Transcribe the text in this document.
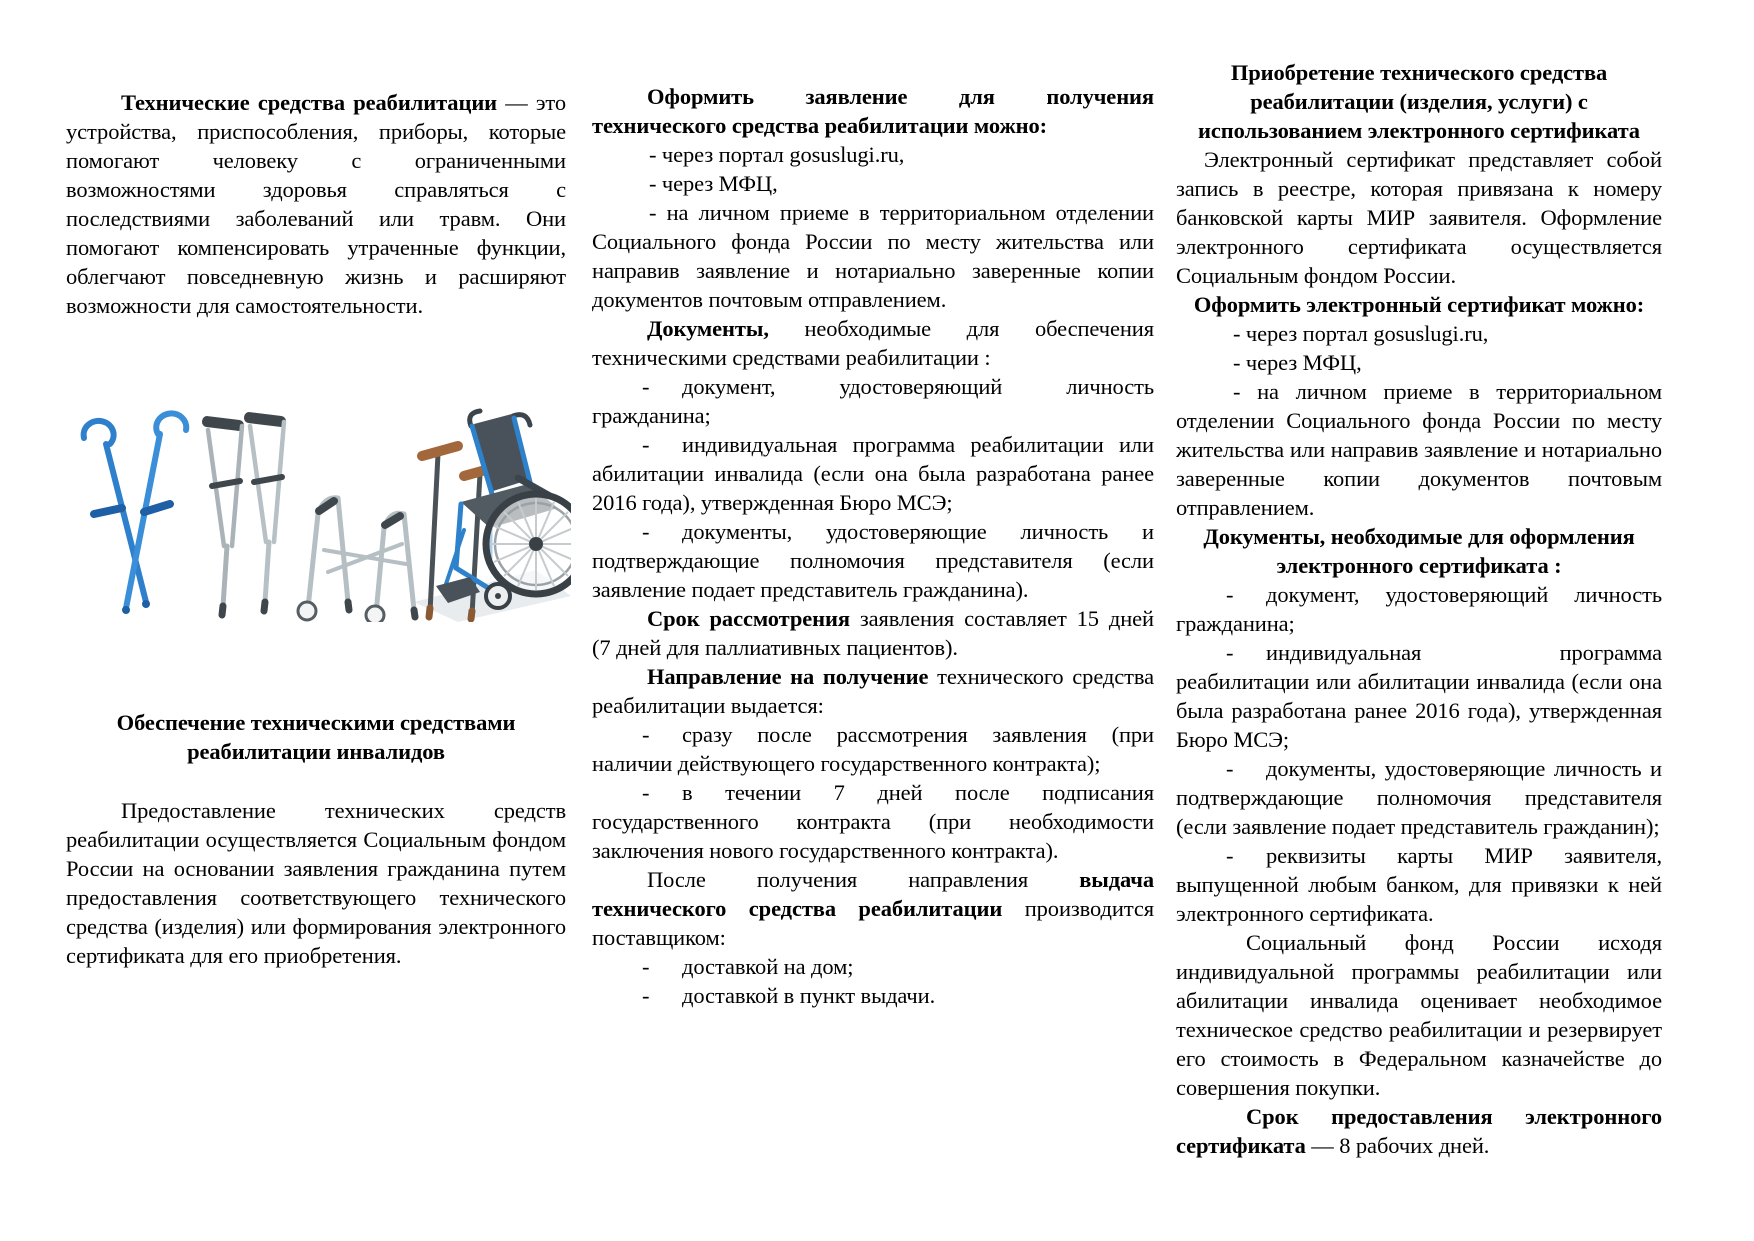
Технические средства реабилитации — это устройства, приспособления, приборы, которые помогают человеку с ограниченными возможностями здоровья справляться с последствиями заболеваний или травм. Они помогают компенсировать утраченные функции, облегчают повседневную жизнь и расширяют возможности для самостоятельности.

Обеспечение техническими средствами реабилитации инвалидов

Предоставление технических средств реабилитации осуществляется Социальным фондом России на основании заявления гражданина путем предоставления соответствующего технического средства (изделия) или формирования электронного сертификата для его приобретения.

Оформить заявление для получения технического средства реабилитации можно:

- через портал gosuslugi.ru,

- через МФЦ,

- на личном приеме в территориальном отделении Социального фонда России по месту жительства или направив заявление и нотариально заверенные копии документов почтовым отправлением.

Документы, необходимые для обеспечения техническими средствами реабилитации :

- документ, удостоверяющий личность гражданина;

- индивидуальная программа реабилитации или абилитации инвалида (если она была разработана ранее 2016 года), утвержденная Бюро МСЭ;

- документы, удостоверяющие личность и подтверждающие полномочия представителя (если заявление подает представитель гражданина).

Срок рассмотрения заявления составляет 15 дней (7 дней для паллиативных пациентов).

Направление на получение технического средства реабилитации выдается:

- сразу после рассмотрения заявления (при наличии действующего государственного контракта);

- в течении 7 дней после подписания государственного контракта (при необходимости заключения нового государственного контракта).

После получения направления выдача технического средства реабилитации производится поставщиком:

- доставкой на дом;

- доставкой в пункт выдачи.

Приобретение технического средства реабилитации (изделия, услуги) с использованием электронного сертификата

Электронный сертификат представляет собой запись в реестре, которая привязана к номеру банковской карты МИР заявителя. Оформление электронного сертификата осуществляется Социальным фондом России.

Оформить электронный сертификат можно:

- через портал gosuslugi.ru,

- через МФЦ,

- на личном приеме в территориальном отделении Социального фонда России по месту жительства или направив заявление и нотариально заверенные копии документов почтовым отправлением.

Документы, необходимые для оформления электронного сертификата :

- документ, удостоверяющий личность гражданина;

- индивидуальная программа реабилитации или абилитации инвалида (если она была разработана ранее 2016 года), утвержденная Бюро МСЭ;

- документы, удостоверяющие личность и подтверждающие полномочия представителя (если заявление подает представитель гражданин);

- реквизиты карты МИР заявителя, выпущенной любым банком, для привязки к ней электронного сертификата.

Социальный фонд России исходя индивидуальной программы реабилитации или абилитации инвалида оценивает необходимое техническое средство реабилитации и резервирует его стоимость в Федеральном казначействе до совершения покупки.

Срок предоставления электронного сертификата — 8 рабочих дней.
